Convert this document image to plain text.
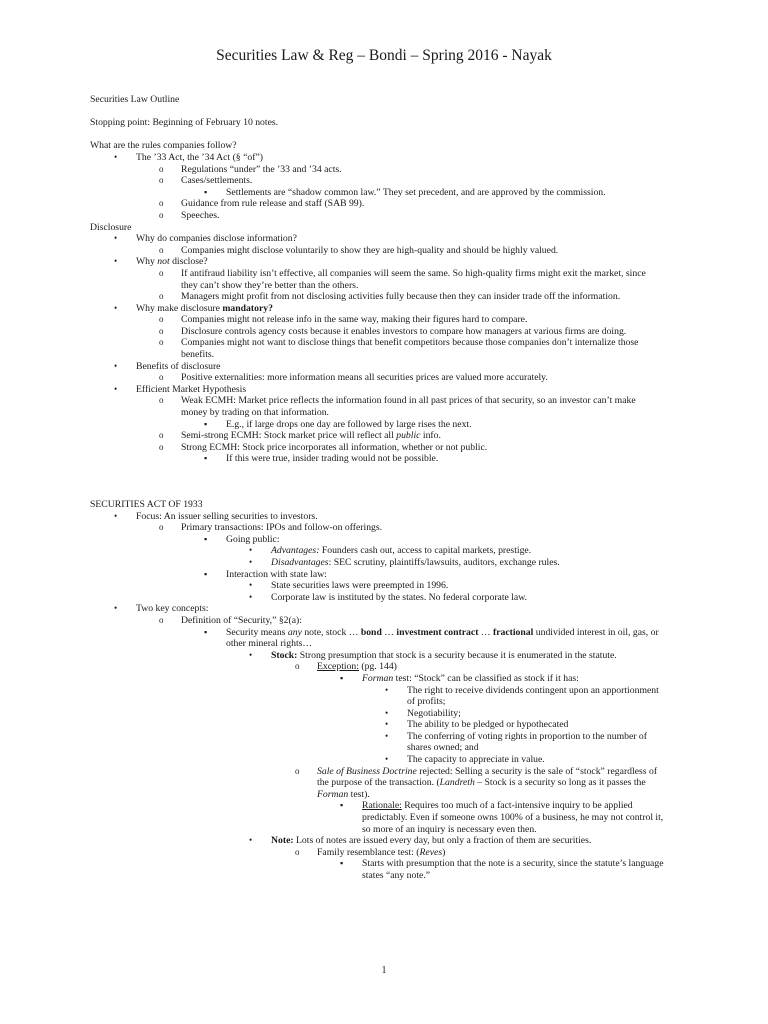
Securities Law & Reg – Bondi – Spring 2016 - Nayak
Securities Law Outline
Stopping point: Beginning of February 10 notes.
What are the rules companies follow?
•
The ’33 Act, the ’34 Act (§ “of”)
o
Regulations “under” the ’33 and ’34 acts.
o
Cases/settlements.
▪
Settlements are “shadow common law.” They set precedent, and are approved by the commission.
o
Guidance from rule release and staff (SAB 99).
o
Speeches.
Disclosure
•
Why do companies disclose information?
o
Companies might disclose voluntarily to show they are high-quality and should be highly valued.
•
Why not disclose?
o
If antifraud liability isn’t effective, all companies will seem the same. So high-quality firms might exit the market, since
they can’t show they’re better than the others.
o
Managers might profit from not disclosing activities fully because then they can insider trade off the information.
•
Why make disclosure mandatory?
o
Companies might not release info in the same way, making their figures hard to compare.
o
Disclosure controls agency costs because it enables investors to compare how managers at various firms are doing.
o
Companies might not want to disclose things that benefit competitors because those companies don’t internalize those
benefits.
•
Benefits of disclosure
o
Positive externalities: more information means all securities prices are valued more accurately.
•
Efficient Market Hypothesis
o
Weak ECMH: Market price reflects the information found in all past prices of that security, so an investor can’t make
money by trading on that information.
▪
E.g., if large drops one day are followed by large rises the next.
o
Semi-strong ECMH: Stock market price will reflect all public info.
o
Strong ECMH: Stock price incorporates all information, whether or not public.
▪
If this were true, insider trading would not be possible.
SECURITIES ACT OF 1933
•
Focus: An issuer selling securities to investors.
o
Primary transactions: IPOs and follow-on offerings.
▪
Going public:
•
Advantages: Founders cash out, access to capital markets, prestige.
•
Disadvantages: SEC scrutiny, plaintiffs/lawsuits, auditors, exchange rules.
▪
Interaction with state law:
•
State securities laws were preempted in 1996.
•
Corporate law is instituted by the states. No federal corporate law.
•
Two key concepts:
o
Definition of “Security,” §2(a):
▪
Security means any note, stock … bond … investment contract … fractional undivided interest in oil, gas, or
other mineral rights…
•
Stock: Strong presumption that stock is a security because it is enumerated in the statute.
o
Exception: (pg. 144)
▪
Forman test: “Stock” can be classified as stock if it has:
•
The right to receive dividends contingent upon an apportionment
of profits;
•
Negotiability;
•
The ability to be pledged or hypothecated
•
The conferring of voting rights in proportion to the number of
shares owned; and
•
The capacity to appreciate in value.
o
Sale of Business Doctrine rejected: Selling a security is the sale of “stock” regardless of
the purpose of the transaction. (Landreth – Stock is a security so long as it passes the
Forman test).
▪
Rationale: Requires too much of a fact-intensive inquiry to be applied
predictably. Even if someone owns 100% of a business, he may not control it,
so more of an inquiry is necessary even then.
•
Note: Lots of notes are issued every day, but only a fraction of them are securities.
o
Family resemblance test: (Reves)
▪
Starts with presumption that the note is a security, since the statute’s language
states “any note.”
1
